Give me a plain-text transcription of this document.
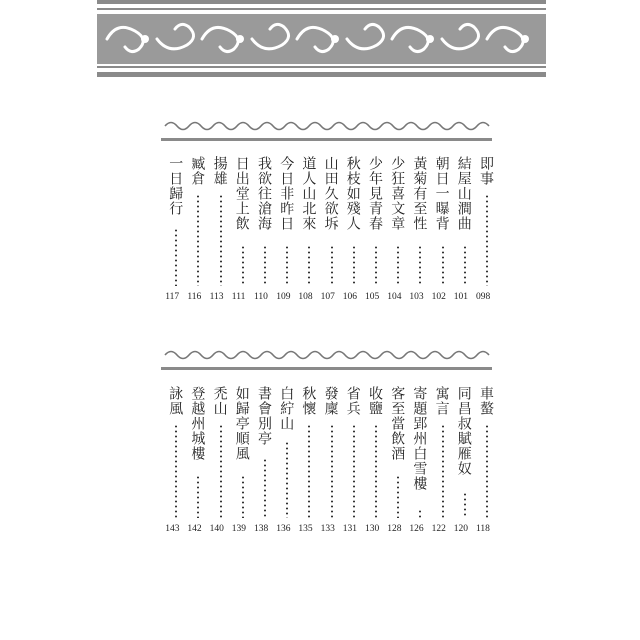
即事
098
結屋山澗曲
101
朝日一曝背
102
黃菊有至性
103
少狂喜文章
104
少年見青春
105
秋枝如殘人
106
山田久欲坼
107
道人山北來
108
今日非昨日
109
我欲往滄海
110
日出堂上飲
111
揚雄
113
臧倉
116
一日歸行
117
車螯
118
同昌叔賦雁奴
120
寓言
122
寄題郢州白雪樓
126
客至當飲酒
128
收鹽
130
省兵
131
發廩
133
秋懷
135
白紵山
136
書會別亭
138
如歸亭順風
139
禿山
140
登越州城樓
142
詠風
143
